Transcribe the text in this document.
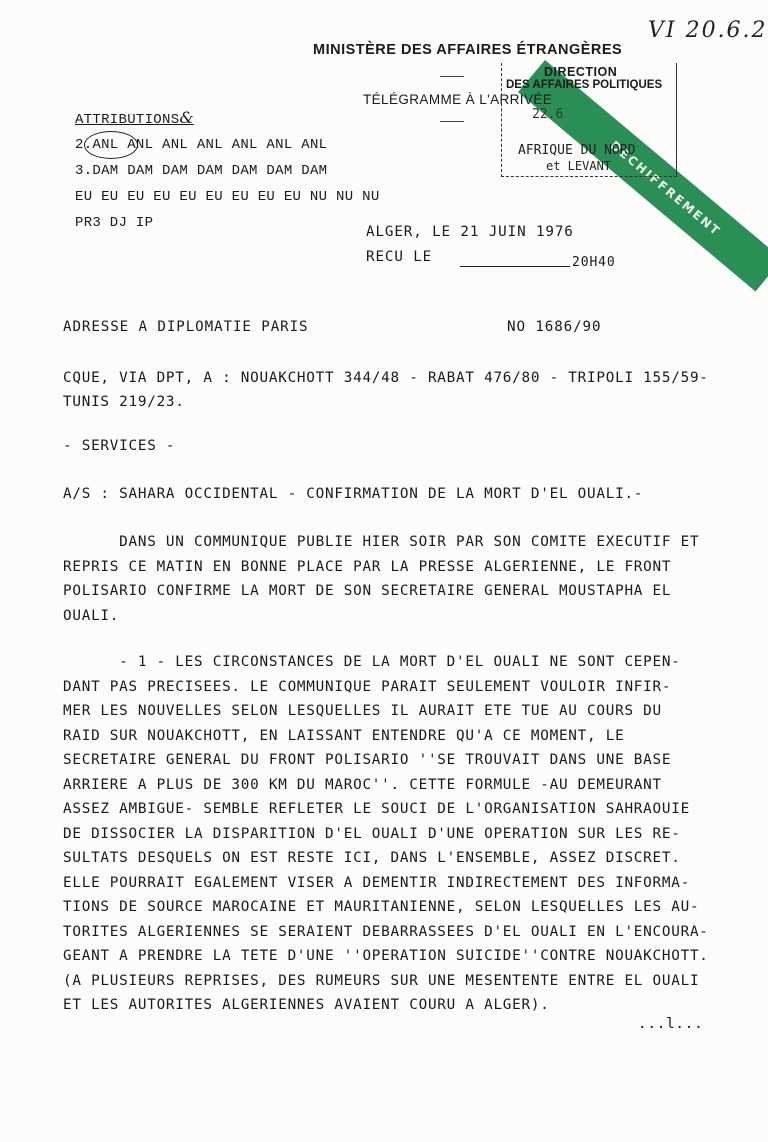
VI 20.6.2
DECHIFFREMENT
MINISTÈRE DES AFFAIRES ÉTRANGÈRES
TÉLÉGRAMME À L'ARRIVÉE
DIRECTION
DES AFFAIRES POLITIQUES
22.6
AFRIQUE DU NORD
et LEVANT
ATTRIBUTIONS&
2.ANL ANL ANL ANL ANL ANL ANL
3.DAM DAM DAM DAM DAM DAM DAM
EU EU EU EU EU EU EU EU EU NU NU NU
PR3 DJ IP
ALGER, LE 21 JUIN 1976
RECU LE	20H40
ADRESSE A DIPLOMATIE PARIS	NO 1686/90
CQUE, VIA DPT, A : NOUAKCHOTT 344/48 - RABAT 476/80 - TRIPOLI 155/59-
TUNIS 219/23.
- SERVICES -
A/S : SAHARA OCCIDENTAL - CONFIRMATION DE LA MORT D'EL OUALI.-
DANS UN COMMUNIQUE PUBLIE HIER SOIR PAR SON COMITE EXECUTIF ET
REPRIS CE MATIN EN BONNE PLACE PAR LA PRESSE ALGERIENNE, LE FRONT
POLISARIO CONFIRME LA MORT DE SON SECRETAIRE GENERAL MOUSTAPHA EL
OUALI.
- 1 - LES CIRCONSTANCES DE LA MORT D'EL OUALI NE SONT CEPEN-
DANT PAS PRECISEES. LE COMMUNIQUE PARAIT SEULEMENT VOULOIR INFIR-
MER LES NOUVELLES SELON LESQUELLES IL AURAIT ETE TUE AU COURS DU
RAID SUR NOUAKCHOTT, EN LAISSANT ENTENDRE QU'A CE MOMENT, LE
SECRETAIRE GENERAL DU FRONT POLISARIO ''SE TROUVAIT DANS UNE BASE
ARRIERE A PLUS DE 300 KM DU MAROC''. CETTE FORMULE -AU DEMEURANT
ASSEZ AMBIGUE- SEMBLE REFLETER LE SOUCI DE L'ORGANISATION SAHRAOUIE
DE DISSOCIER LA DISPARITION D'EL OUALI D'UNE OPERATION SUR LES RE-
SULTATS DESQUELS ON EST RESTE ICI, DANS L'ENSEMBLE, ASSEZ DISCRET.
ELLE POURRAIT EGALEMENT VISER A DEMENTIR INDIRECTEMENT DES INFORMA-
TIONS DE SOURCE MAROCAINE ET MAURITANIENNE, SELON LESQUELLES LES AU-
TORITES ALGERIENNES SE SERAIENT DEBARRASSEES D'EL OUALI EN L'ENCOURA-
GEANT A PRENDRE LA TETE D'UNE ''OPERATION SUICIDE''CONTRE NOUAKCHOTT.
(A PLUSIEURS REPRISES, DES RUMEURS SUR UNE MESENTENTE ENTRE EL OUALI
ET LES AUTORITES ALGERIENNES AVAIENT COURU A ALGER).
...l...
